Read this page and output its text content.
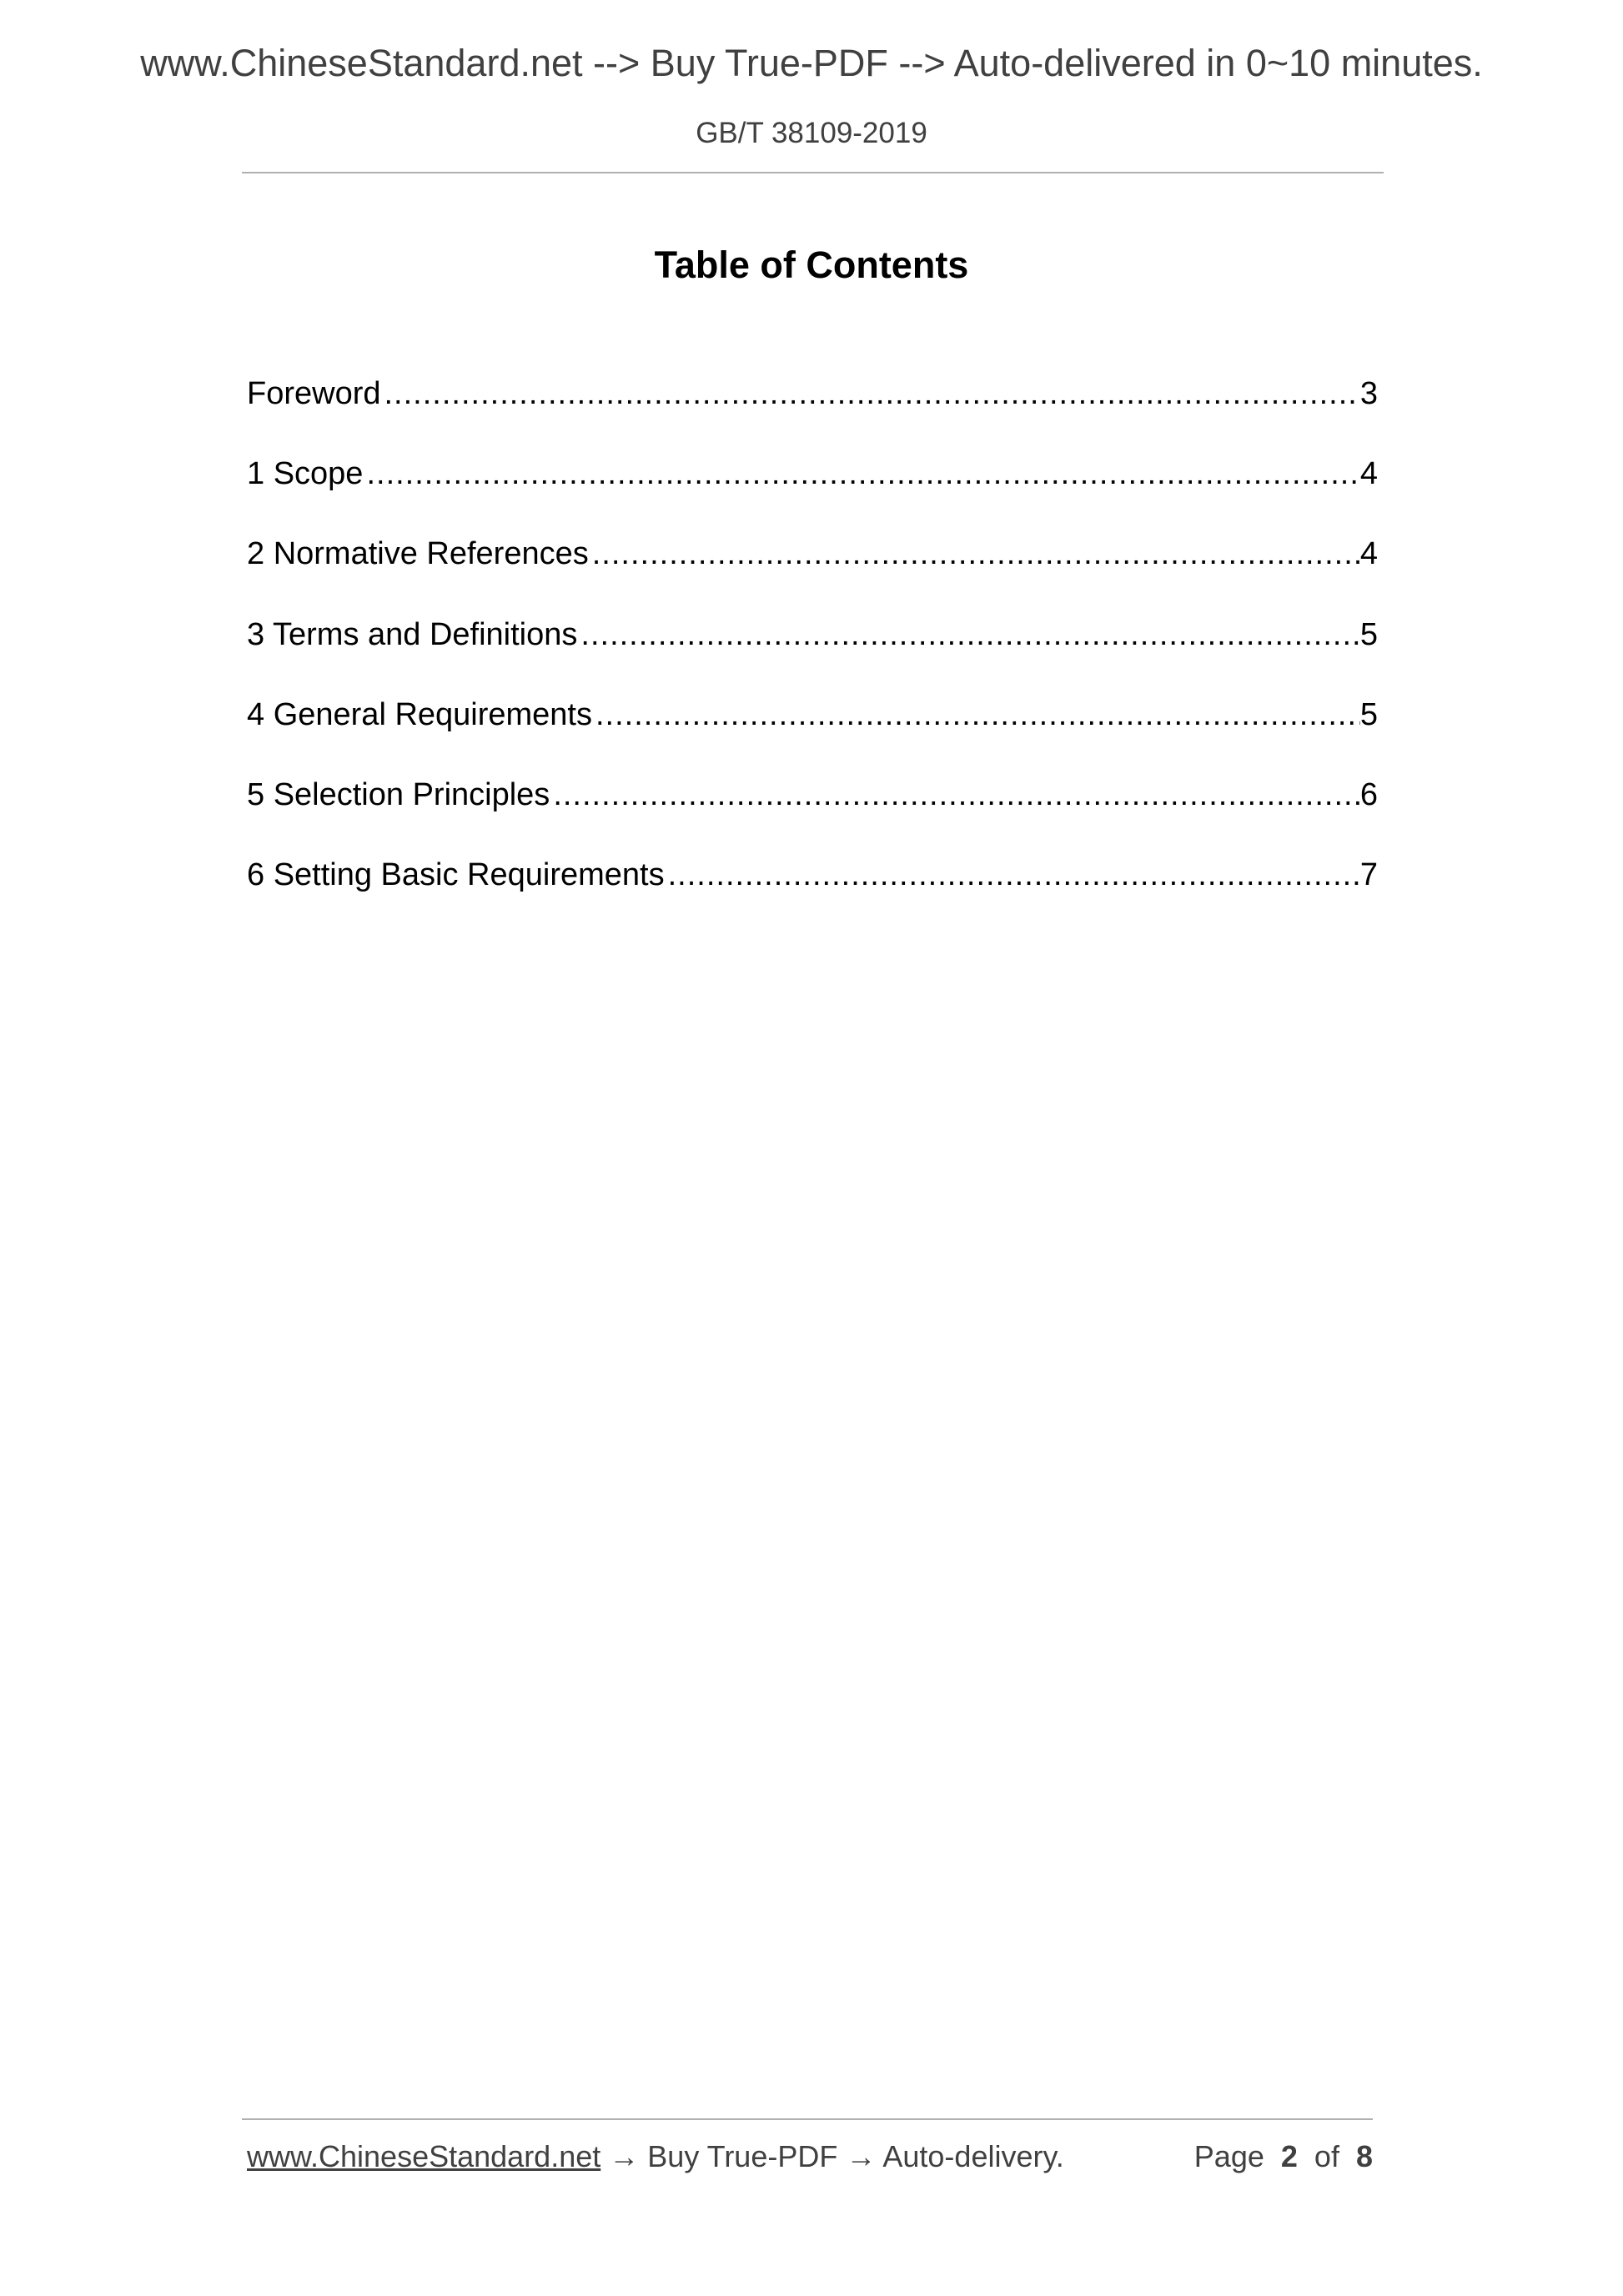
www.ChineseStandard.net --> Buy True-PDF --> Auto-delivered in 0~10 minutes.
GB/T 38109-2019
Table of Contents
Foreword .....	3
1 Scope .....	4
2 Normative References .....	4
3 Terms and Definitions .....	5
4 General Requirements .....	5
5 Selection Principles .....	6
6 Setting Basic Requirements .....	7
www.ChineseStandard.net → Buy True-PDF → Auto-delivery.	Page 2 of 8
